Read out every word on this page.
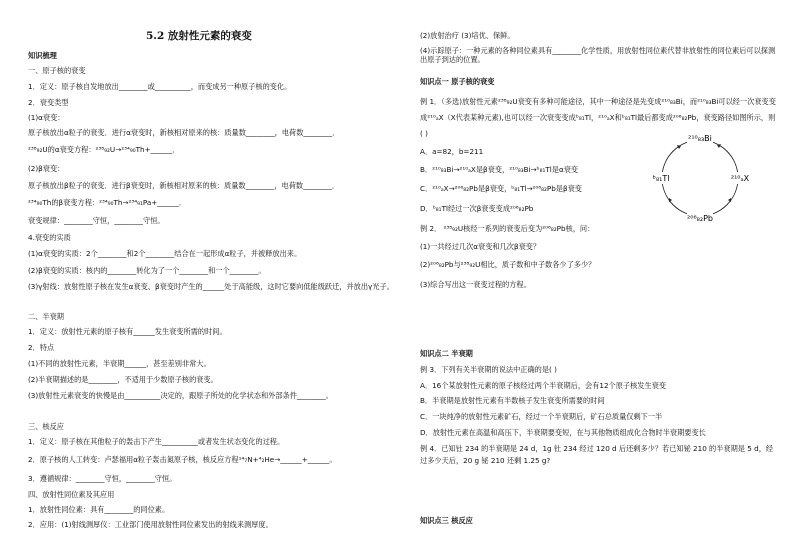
5.2 放射性元素的衰变
知识梳理
一、原子核的衰变
1．定义：原子核自发地放出________或__________，而变成另一种原子核的变化。
2．衰变类型
(1)α衰变：
原子核放出α粒子的衰变．进行α衰变时，新核相对原来的核：质量数________，电荷数________．
²³⁸₉₂U的α衰变方程：²³⁸₉₂U→²³⁴₉₀Th+______．
(2)β衰变：
原子核放出β粒子的衰变．进行β衰变时，新核相对原来的核：质量数________，电荷数________．
²³⁴₉₀Th的β衰变方程：²³⁴₉₀Th→²³⁴₉₁Pa+______．
衰变规律：________守恒，________守恒。
4.衰变的实质
(1)α衰变的实质：2个________和2个________结合在一起形成α粒子，并被释放出来。
(2)β衰变的实质：核内的________转化为了一个________和一个________。
(3)γ射线：放射性原子核在发生α衰变、β衰变时产生的______处于高能级，这时它要向低能级跃迁，并放出γ光子。
二、半衰期
1．定义：放射性元素的原子核有______发生衰变所需的时间。
2．特点
(1)不同的放射性元素，半衰期______，甚至差别非常大。
(2)半衰期描述的是________，不适用于少数原子核的衰变。
(3)放射性元素衰变的快慢是由__________决定的，跟原子所处的化学状态和外部条件________。
三、核反应
1．定义：原子核在其他粒子的轰击下产生__________或者发生状态变化的过程。
2．原子核的人工转变：卢瑟福用α粒子轰击氮原子核，核反应方程¹⁴₇N+⁴₂He→______+______。
3．遵循规律：________守恒，________守恒。
四、放射性同位素及其应用
1．放射性同位素：具有________的同位素。
2．应用：(1)射线测厚仪：工业部门使用放射性同位素发出的射线来测厚度。
(2)放射治疗 (3)培优、保鲜。
(4)示踪原子：一种元素的各种同位素具有________化学性质，用放射性同位素代替非放射性的同位素后可以探测出原子到达的位置。
知识点一 原子核的衰变
例 1．（多选)放射性元素²³⁸₉₂U衰变有多种可能途径，其中一种途径是先变成²¹⁰₈₃Bi，而²¹⁰₈₃Bi可以经一次衰变变成²¹⁰ₐX（X代表某种元素),也可以经一次衰变变成ᵇ₈₁Tl，²¹⁰ₐX和ᵇ₈₁Tl最后都变成²⁰⁶₈₂Pb，衰变路径如图所示，则( )
A．a=82，b=211
B．²¹⁰₈₃Bi→²¹⁰ₐX是β衰变，²¹⁰₈₃Bi→ᵇ₈₁Tl是α衰变
C．²¹⁰ₐX→²⁰⁶₈₂Pb是β衰变，ᵇ₈₁Tl→²⁰⁶₈₂Pb是β衰变
D．ᵇ₈₁Tl经过一次β衰变变成²⁰⁶₈₂Pb
例 2． ²³⁸₉₂U核经一系列的衰变后变为²⁰⁶₈₂Pb核，问：
(1)一共经过几次α衰变和几次β衰变？
(2)²⁰⁶₈₂Pb与²³⁸₉₂U相比，质子数和中子数各少了多少？
(3)综合写出这一衰变过程的方程。
知识点二 半衰期
例 3．下列有关半衰期的说法中正确的是( )
A．16个某放射性元素的原子核经过两个半衰期后，会有12个原子核发生衰变
B．半衰期是放射性元素有半数核子发生衰变所需要的时间
C．一块纯净的放射性元素矿石，经过一个半衰期后，矿石总质量仅剩下一半
D．放射性元素在高温和高压下，半衰期要变短，在与其他物质组成化合物时半衰期要变长
例 4．已知钍 234 的半衰期是 24 d，1g 钍 234 经过 120 d 后还剩多少？若已知铋 210 的半衰期是 5 d，经过多少天后，20 g 铋 210 还剩 1.25 g?
知识点三 核反应
²¹⁰₈₃Bi
ᵇ₈₁Tl	²¹⁰ₐX
²⁰⁶₈₂Pb
